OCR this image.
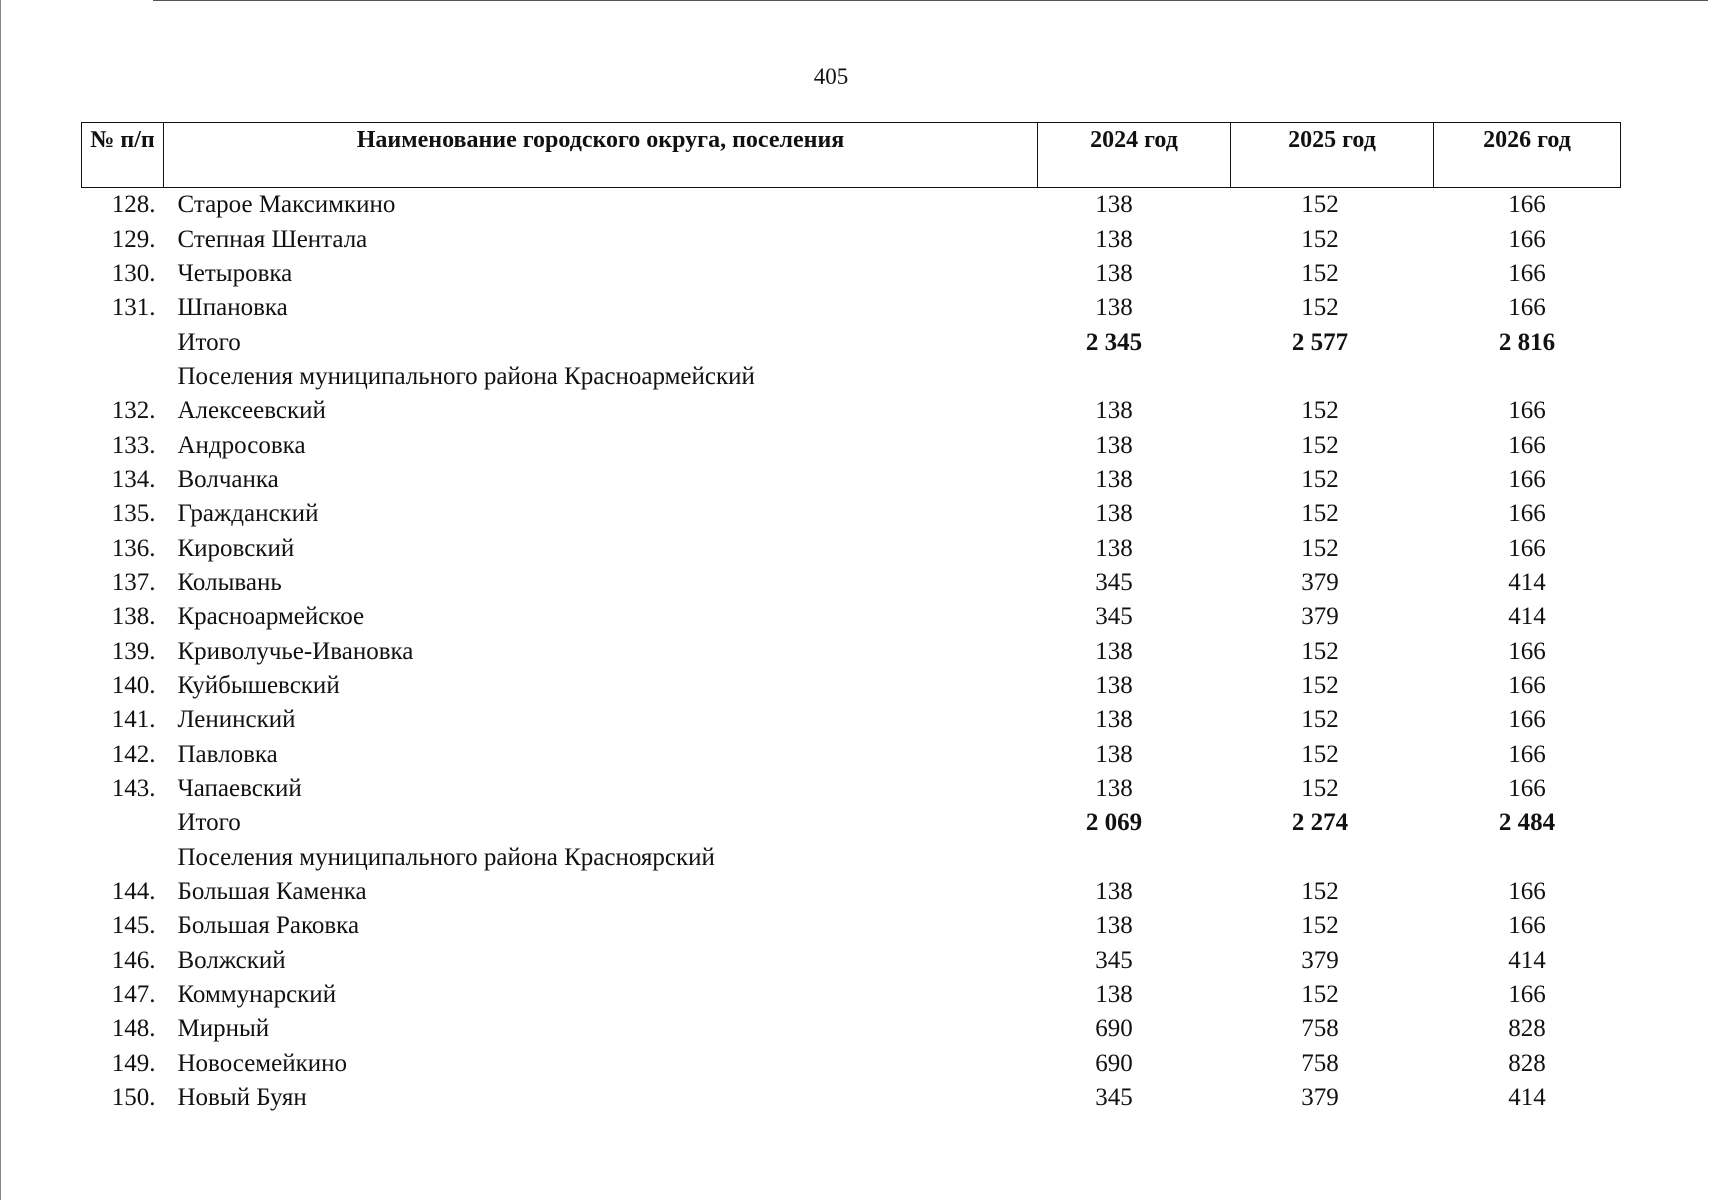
405
№ п/п	Наименование городского округа, поселения	2024 год	2025 год	2026 год
128.	Старое Максимкино	138	152	166
129.	Степная Шентала	138	152	166
130.	Четыровка	138	152	166
131.	Шпановка	138	152	166
	Итого	2 345	2 577	2 816
	Поселения муниципального района Красноармейский			
132.	Алексеевский	138	152	166
133.	Андросовка	138	152	166
134.	Волчанка	138	152	166
135.	Гражданский	138	152	166
136.	Кировский	138	152	166
137.	Колывань	345	379	414
138.	Красноармейское	345	379	414
139.	Криволучье-Ивановка	138	152	166
140.	Куйбышевский	138	152	166
141.	Ленинский	138	152	166
142.	Павловка	138	152	166
143.	Чапаевский	138	152	166
	Итого	2 069	2 274	2 484
	Поселения муниципального района Красноярский			
144.	Большая Каменка	138	152	166
145.	Большая Раковка	138	152	166
146.	Волжский	345	379	414
147.	Коммунарский	138	152	166
148.	Мирный	690	758	828
149.	Новосемейкино	690	758	828
150.	Новый Буян	345	379	414
